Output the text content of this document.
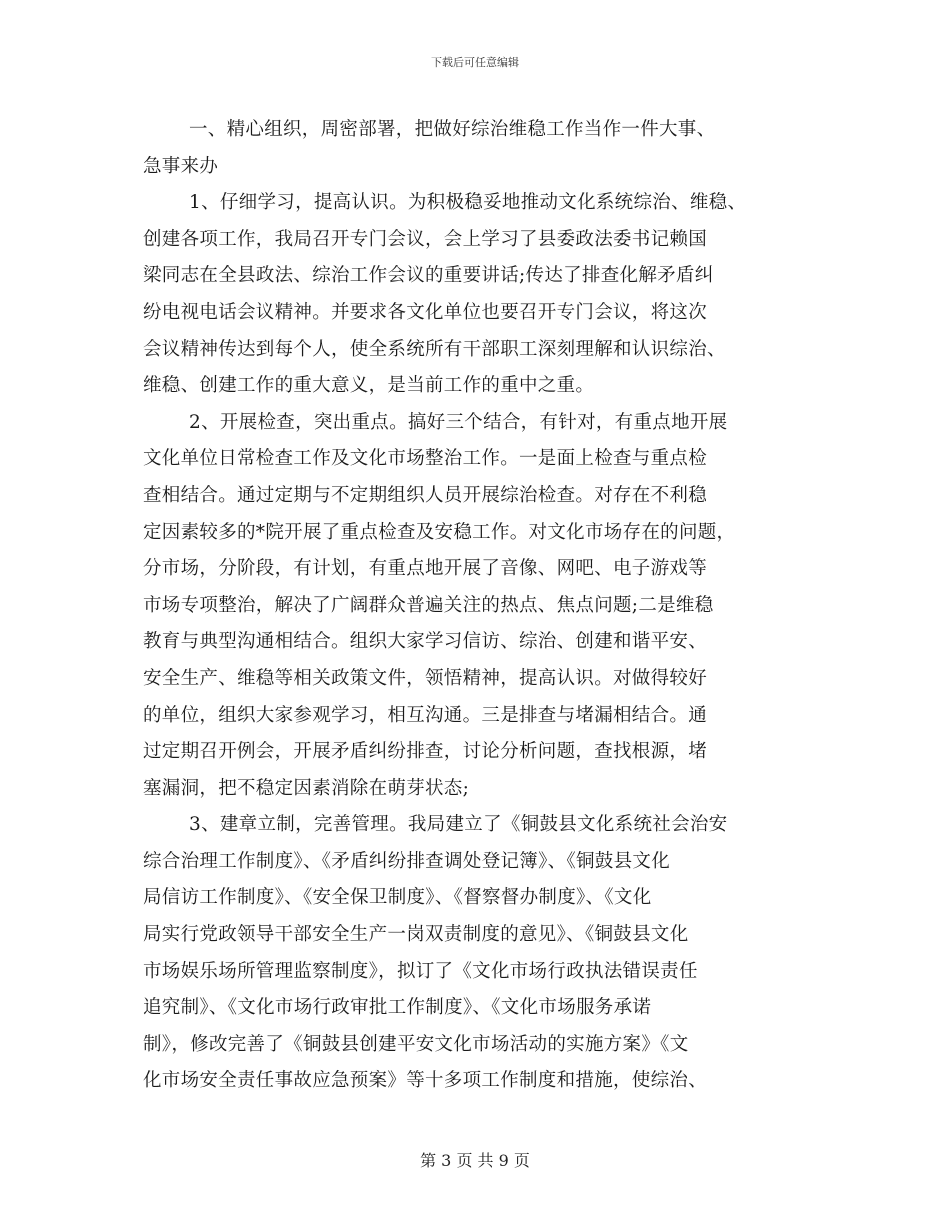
下载后可任意编辑
一、精心组织，周密部署，把做好综治维稳工作当作一件大事、
急事来办
1、仔细学习，提高认识。为积极稳妥地推动文化系统综治、维稳、
创建各项工作，我局召开专门会议，会上学习了县委政法委书记赖国
梁同志在全县政法、综治工作会议的重要讲话;传达了排查化解矛盾纠
纷电视电话会议精神。并要求各文化单位也要召开专门会议，将这次
会议精神传达到每个人，使全系统所有干部职工深刻理解和认识综治、
维稳、创建工作的重大意义，是当前工作的重中之重。
2、开展检查，突出重点。搞好三个结合，有针对，有重点地开展
文化单位日常检查工作及文化市场整治工作。一是面上检查与重点检
查相结合。通过定期与不定期组织人员开展综治检查。对存在不利稳
定因素较多的*院开展了重点检查及安稳工作。对文化市场存在的问题，
分市场，分阶段，有计划，有重点地开展了音像、网吧、电子游戏等
市场专项整治，解决了广阔群众普遍关注的热点、焦点问题;二是维稳
教育与典型沟通相结合。组织大家学习信访、综治、创建和谐平安、
安全生产、维稳等相关政策文件，领悟精神，提高认识。对做得较好
的单位，组织大家参观学习，相互沟通。三是排查与堵漏相结合。通
过定期召开例会，开展矛盾纠纷排查，讨论分析问题，查找根源，堵
塞漏洞，把不稳定因素消除在萌芽状态;
3、建章立制，完善管理。我局建立了《铜鼓县文化系统社会治安
综合治理工作制度》、《矛盾纠纷排查调处登记簿》、《铜鼓县文化
局信访工作制度》、《安全保卫制度》、《督察督办制度》、《文化
局实行党政领导干部安全生产一岗双责制度的意见》、《铜鼓县文化
市场娱乐场所管理监察制度》，拟订了《文化市场行政执法错误责任
追究制》、《文化市场行政审批工作制度》、《文化市场服务承诺
制》，修改完善了《铜鼓县创建平安文化市场活动的实施方案》《文
化市场安全责任事故应急预案》等十多项工作制度和措施，使综治、
第 3 页 共 9 页
